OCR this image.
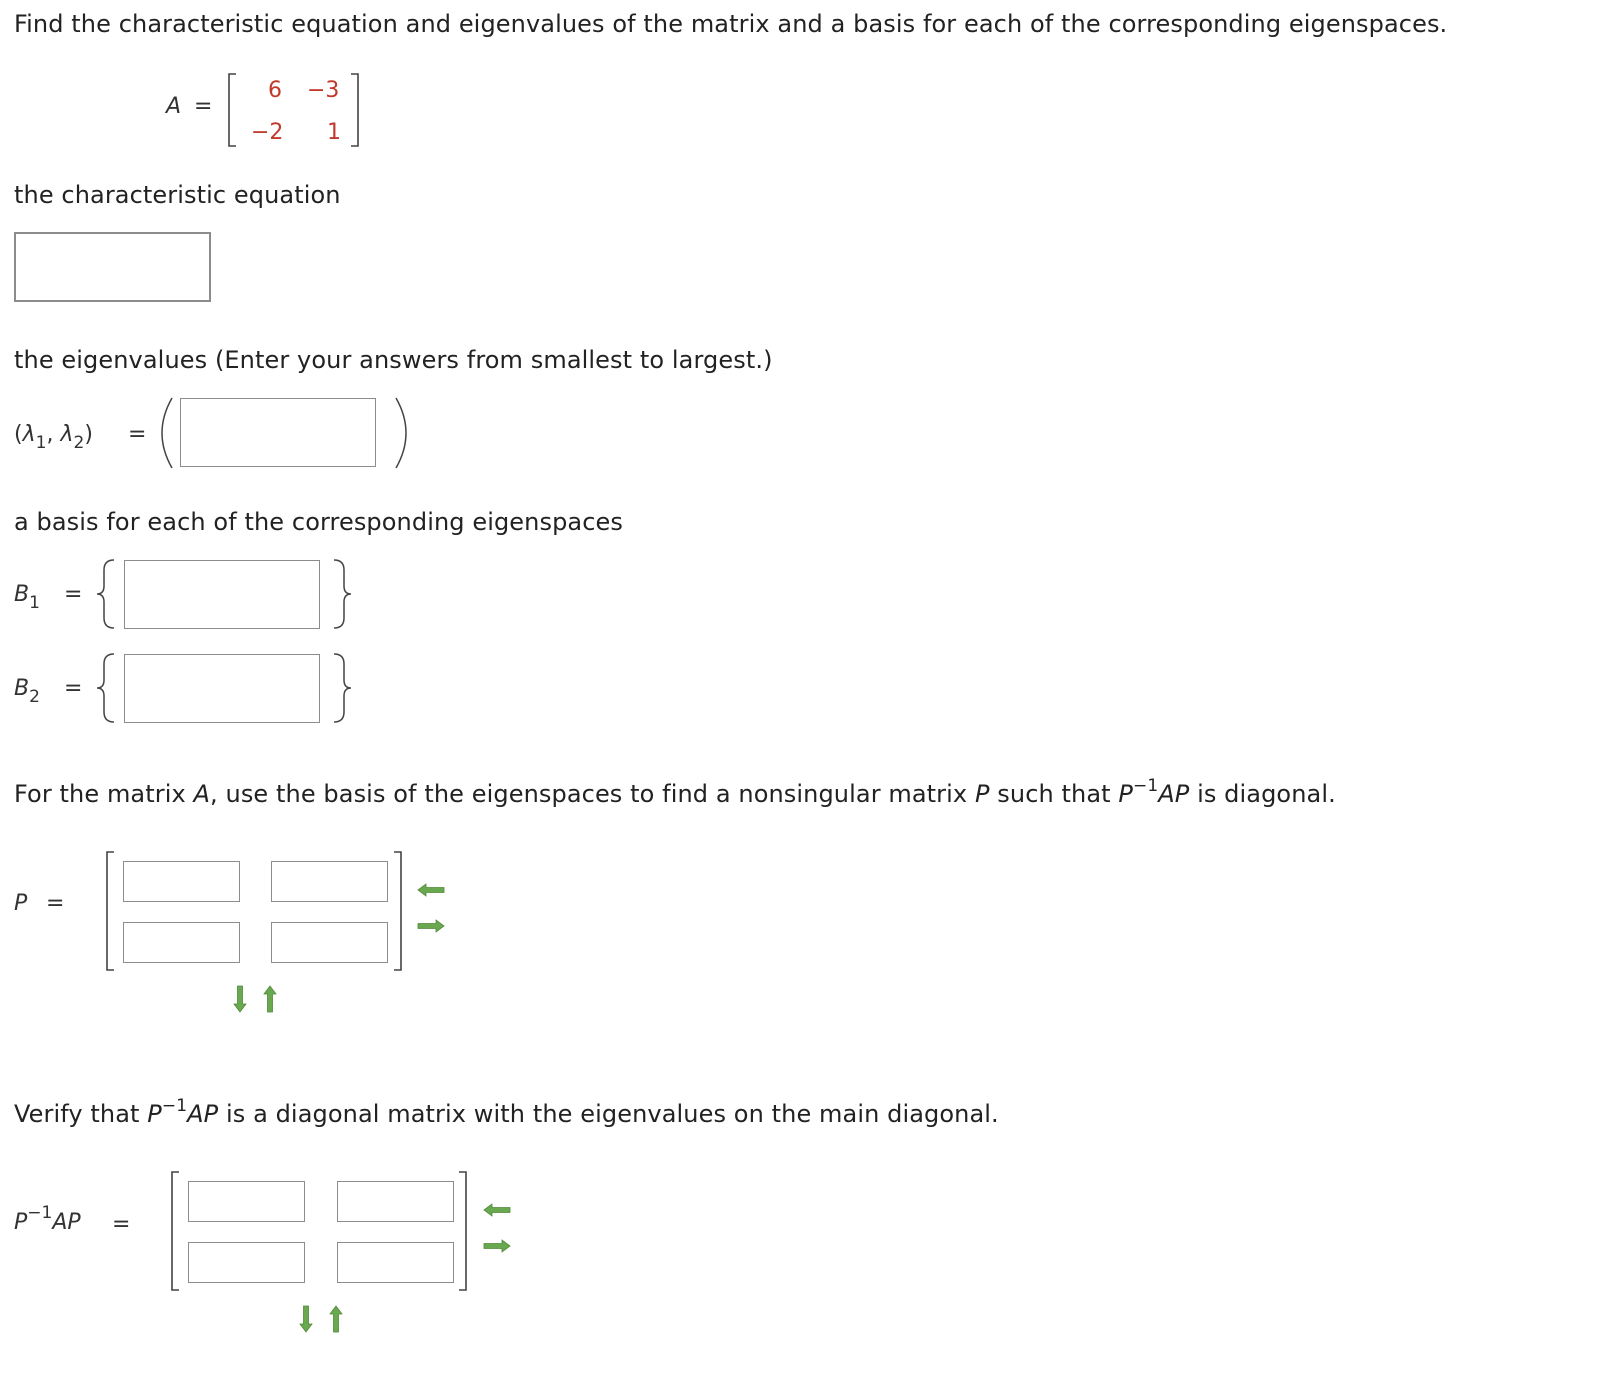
Find the characteristic equation and eigenvalues of the matrix and a basis for each of the corresponding eigenspaces.
A =
6 −3
−2 1
the characteristic equation
the eigenvalues (Enter your answers from smallest to largest.)
($\lambda_1$, $\lambda_2$) =
a basis for each of the corresponding eigenspaces
$B_1$ =
$B_2$ =
For the matrix A, use the basis of the eigenspaces to find a nonsingular matrix P such that $P^{-1}AP$ is diagonal.
P =
Verify that $P^{-1}AP$ is a diagonal matrix with the eigenvalues on the main diagonal.
$P^{-1}AP$ =
